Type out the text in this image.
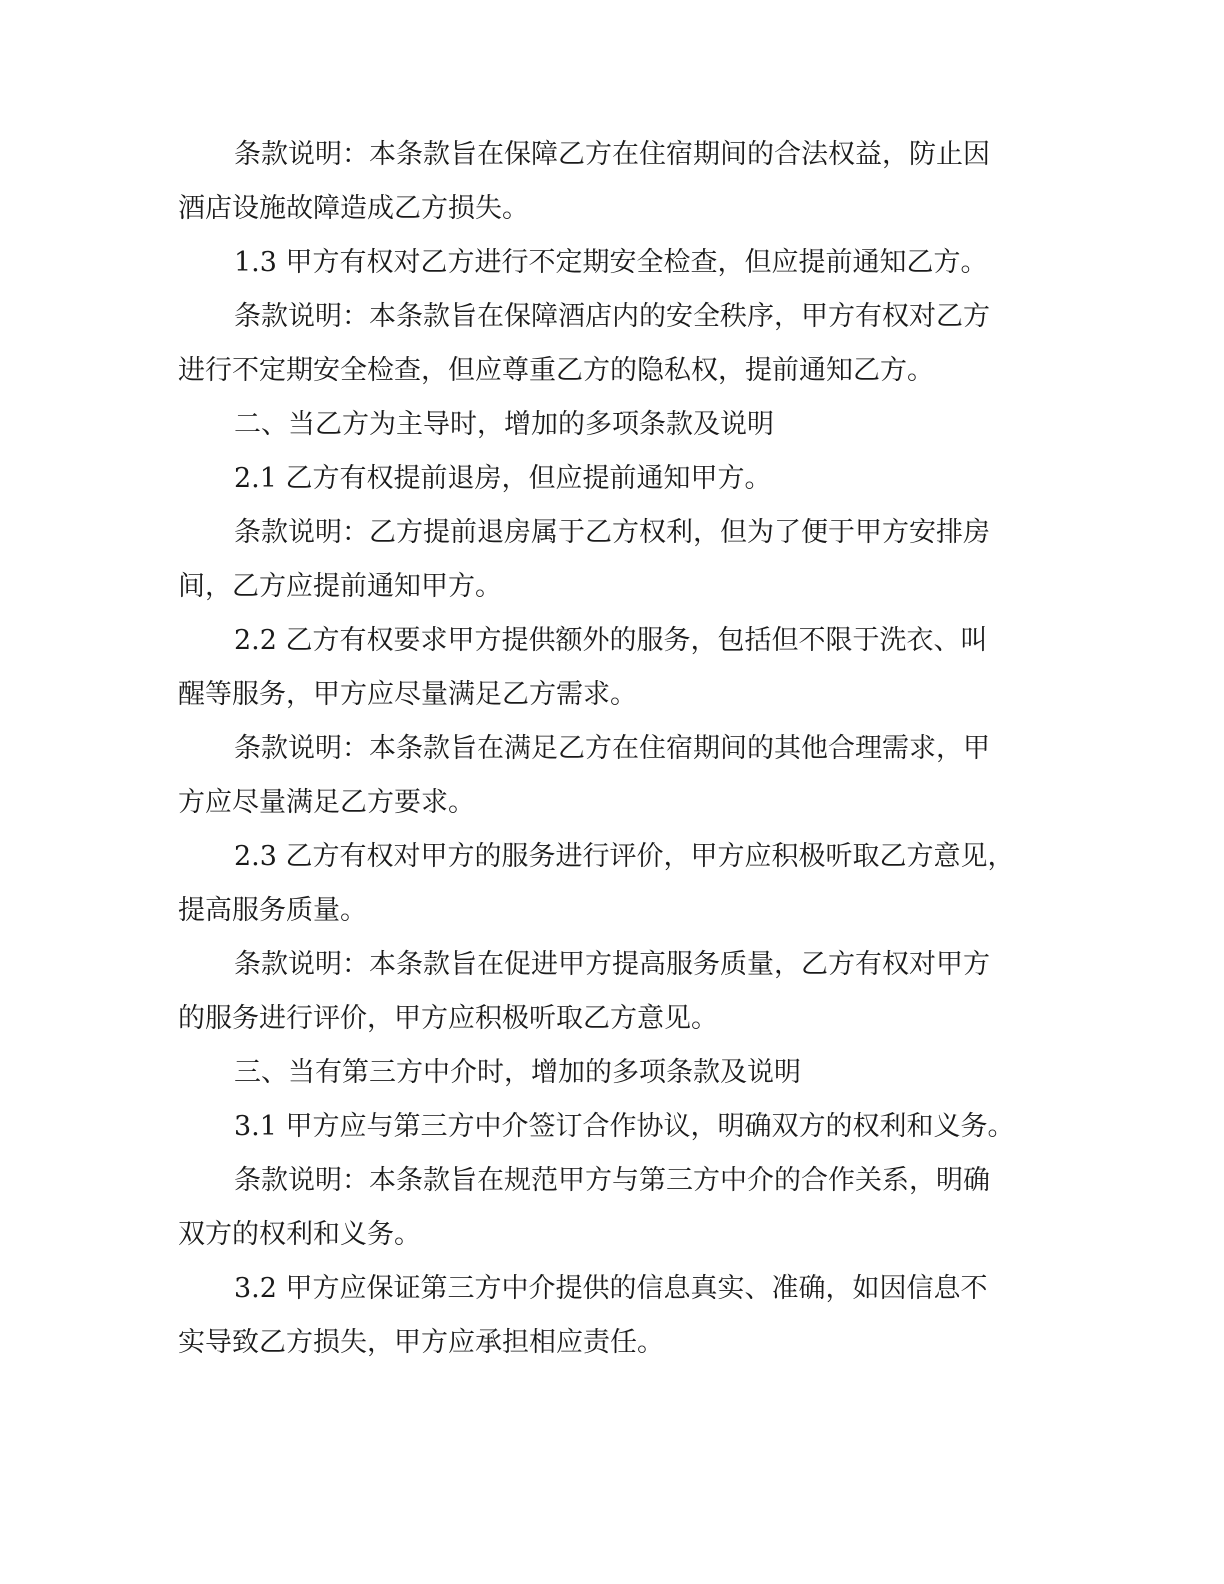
条款说明：本条款旨在保障乙方在住宿期间的合法权益，防止因
酒店设施故障造成乙方损失。

1.3 甲方有权对乙方进行不定期安全检查，但应提前通知乙方。

条款说明：本条款旨在保障酒店内的安全秩序，甲方有权对乙方
进行不定期安全检查，但应尊重乙方的隐私权，提前通知乙方。

二、当乙方为主导时，增加的多项条款及说明

2.1 乙方有权提前退房，但应提前通知甲方。

条款说明：乙方提前退房属于乙方权利，但为了便于甲方安排房
间，乙方应提前通知甲方。

2.2 乙方有权要求甲方提供额外的服务，包括但不限于洗衣、叫
醒等服务，甲方应尽量满足乙方需求。

条款说明：本条款旨在满足乙方在住宿期间的其他合理需求，甲
方应尽量满足乙方要求。

2.3 乙方有权对甲方的服务进行评价，甲方应积极听取乙方意见，
提高服务质量。

条款说明：本条款旨在促进甲方提高服务质量，乙方有权对甲方
的服务进行评价，甲方应积极听取乙方意见。

三、当有第三方中介时，增加的多项条款及说明

3.1 甲方应与第三方中介签订合作协议，明确双方的权利和义务。

条款说明：本条款旨在规范甲方与第三方中介的合作关系，明确
双方的权利和义务。

3.2 甲方应保证第三方中介提供的信息真实、准确，如因信息不
实导致乙方损失，甲方应承担相应责任。
